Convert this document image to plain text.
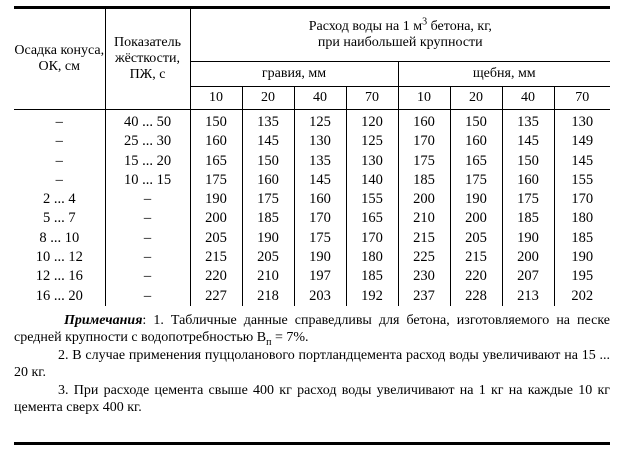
Осадка конуса, ОК, см	Показатель жёсткости, ПЖ, с	Расход воды на 1 $м^3$ бетона, кг,
при наибольшей крупности							
		гравия, мм				щебня, мм			
		10	20	40	70	10	20	40	70
–	40 ... 50	150	135	125	120	160	150	135	130
–	25 ... 30	160	145	130	125	170	160	145	149
–	15 ... 20	165	150	135	130	175	165	150	145
–	10 ... 15	175	160	145	140	185	175	160	155
2 ... 4	–	190	175	160	155	200	190	175	170
5 ... 7	–	200	185	170	165	210	200	185	180
8 ... 10	–	205	190	175	170	215	205	190	185
10 ... 12	–	215	205	190	180	225	215	200	190
12 ... 16	–	220	210	197	185	230	220	207	195
16 ... 20	–	227	218	203	192	237	228	213	202

Примечания: 1. Табличные данные справедливы для бетона, изготовляемого на песке средней крупности с водопотребностью $В_п = 7\%$.

2. В случае применения пуццоланового портландцемента расход воды увеличивают на 15 ... 20 кг.

3. При расходе цемента свыше 400 кг расход воды увеличивают на 1 кг на каждые 10 кг цемента сверх 400 кг.
